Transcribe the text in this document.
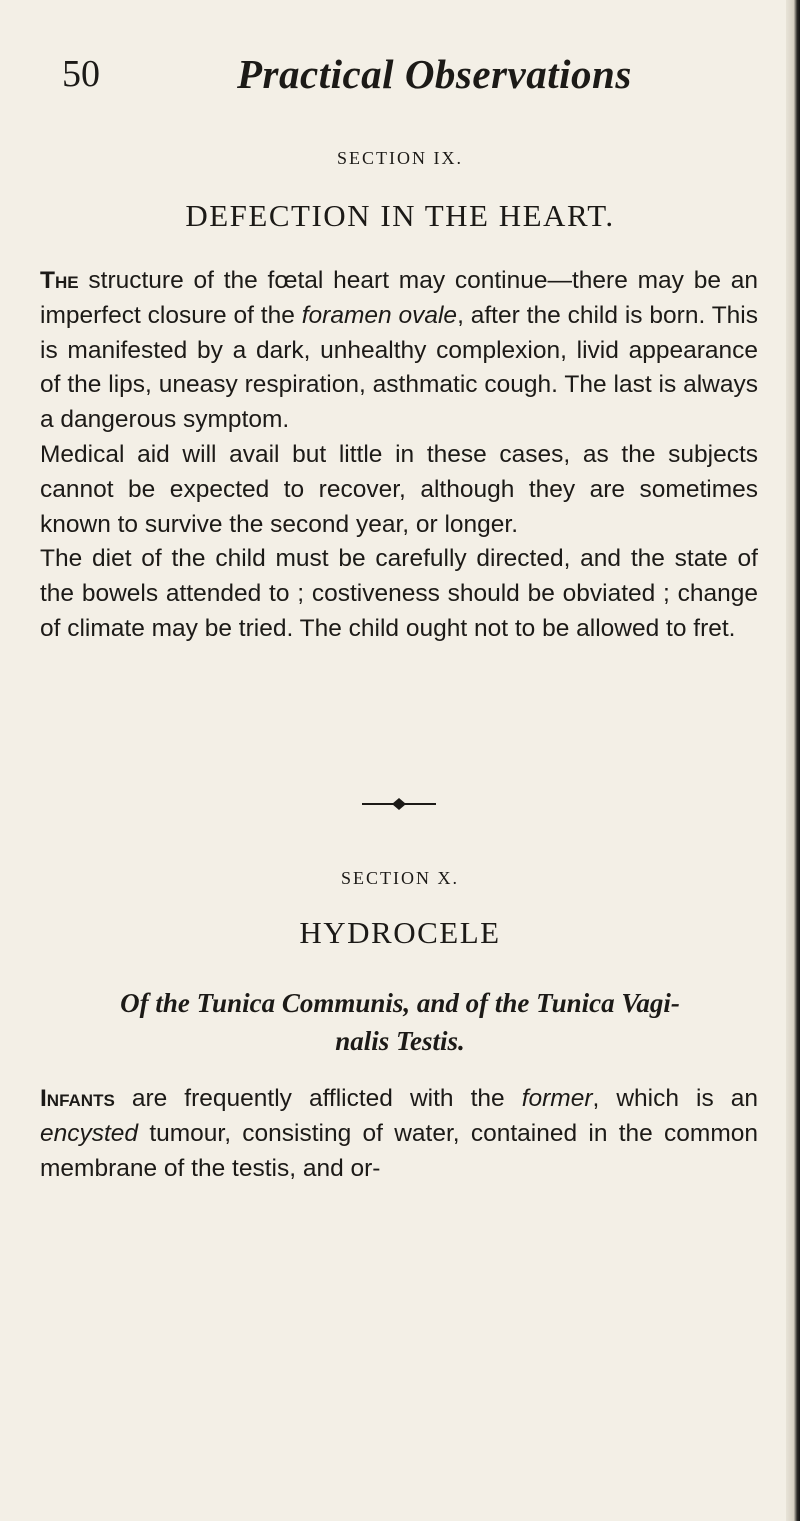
50	Practical Observations
SECTION IX.
DEFECTION IN THE HEART.

The structure of the fœtal heart may continue—there may be an imperfect closure of the foramen ovale, after the child is born. This is manifested by a dark, unhealthy complexion, livid appearance of the lips, uneasy respiration, asthmatic cough. The last is always a dangerous symptom.

Medical aid will avail but little in these cases, as the subjects cannot be expected to recover, although they are sometimes known to survive the second year, or longer.

The diet of the child must be carefully directed, and the state of the bowels attended to ; costiveness should be obviated ; change of climate may be tried. The child ought not to be allowed to fret.

SECTION X.
HYDROCELE
Of the Tunica Communis, and of the Tunica Vagi-
nalis Testis.

Infants are frequently afflicted with the former, which is an encysted tumour, consisting of water, contained in the common membrane of the testis, and or-
